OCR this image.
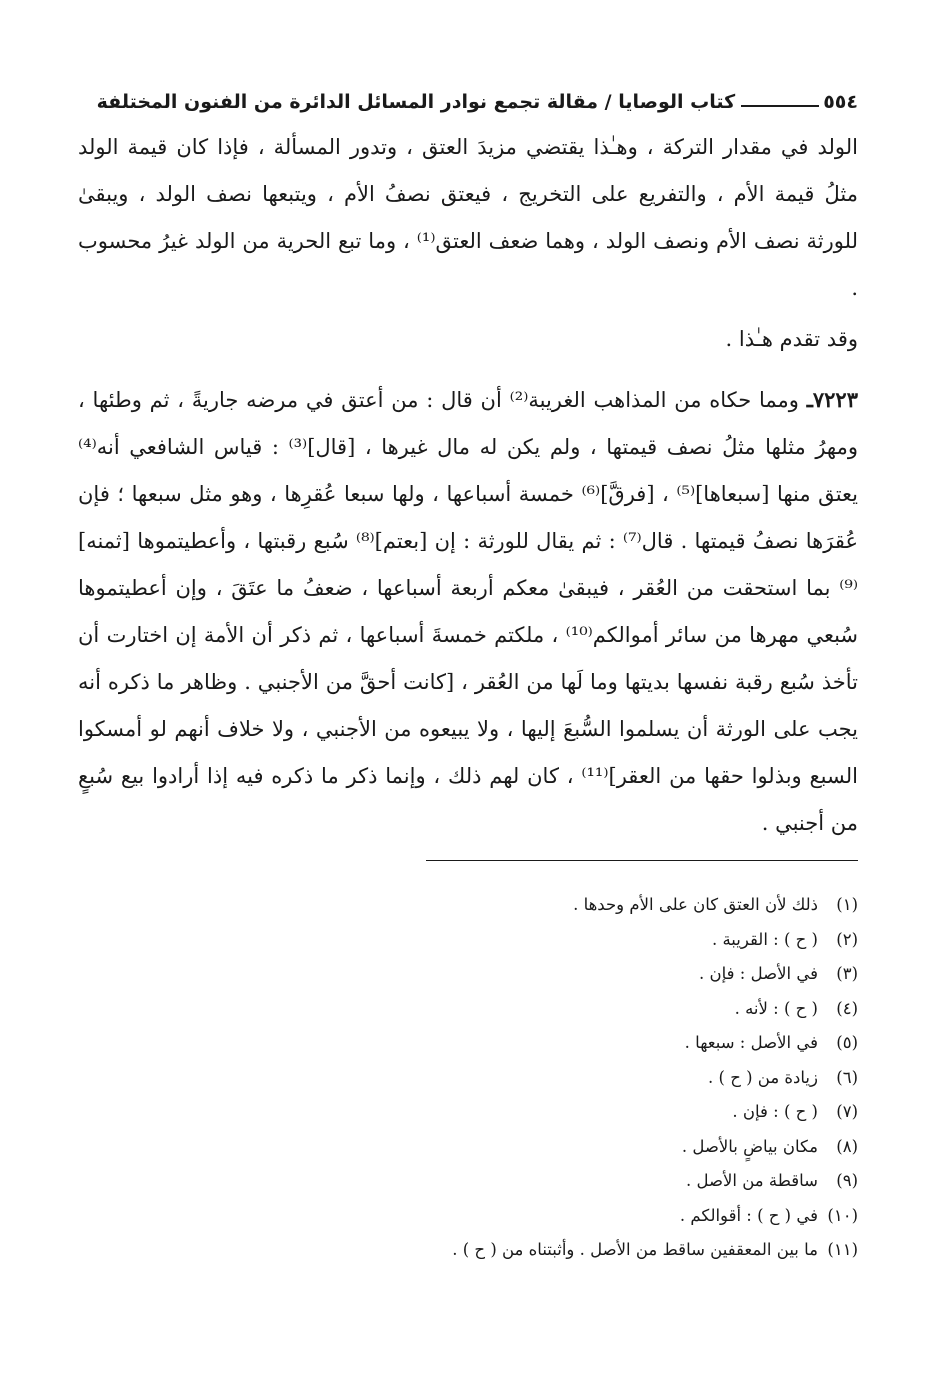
٥٥٤
كتاب الوصايا / مقالة تجمع نوادر المسائل الدائرة من الفنون المختلفة

الولد في مقدار التركة ، وهـٰذا يقتضي مزيدَ العتق ، وتدور المسألة ، فإذا كان قيمة الولد مثلُ قيمة الأم ، والتفريع على التخريج ، فيعتق نصفُ الأم ، ويتبعها نصف الولد ، ويبقىٰ للورثة نصف الأم ونصف الولد ، وهما ضعف العتق⁽¹⁾ ، وما تبع الحرية من الولد غيرُ محسوب .

وقد تقدم هـٰذا .

٧٢٢٣ـ ومما حكاه من المذاهب الغريبة⁽²⁾ أن قال : من أعتق في مرضه جاريةً ، ثم وطئها ، ومهرُ مثلها مثلُ نصف قيمتها ، ولم يكن له مال غيرها ، [قال]⁽³⁾ : قياس الشافعي أنه⁽⁴⁾ يعتق منها [سبعاها]⁽⁵⁾ ، [فرقَّ]⁽⁶⁾ خمسة أسباعها ، ولها سبعا عُقرِها ، وهو مثل سبعها ؛ فإن عُقرَها نصفُ قيمتها . قال⁽⁷⁾ : ثم يقال للورثة : إن [بعتم]⁽⁸⁾ سُبع رقبتها ، وأعطيتموها [ثمنه]⁽⁹⁾ بما استحقت من العُقر ، فيبقىٰ معكم أربعة أسباعها ، ضعفُ ما عتَقَ ، وإن أعطيتموها سُبعي مهرها من سائر أموالكم⁽¹⁰⁾ ، ملكتم خمسةَ أسباعها ، ثم ذكر أن الأمة إن اختارت أن تأخذ سُبع رقبة نفسها بديتها وما لَها من العُقر ، [كانت أحقَّ من الأجنبي . وظاهر ما ذكره أنه يجب على الورثة أن يسلموا السُّبعَ إليها ، ولا يبيعوه من الأجنبي ، ولا خلاف أنهم لو أمسكوا السبع وبذلوا حقها من العقر]⁽¹¹⁾ ، كان لهم ذلك ، وإنما ذكر ما ذكره فيه إذا أرادوا بيع سُبعٍ من أجنبي .

(١)
ذلك لأن العتق كان على الأم وحدها .
(٢)
( ح ) : القريبة .
(٣)
في الأصل : فإن .
(٤)
( ح ) : لأنه .
(٥)
في الأصل : سبعها .
(٦)
زيادة من ( ح ) .
(٧)
( ح ) : فإن .
(٨)
مكان بياضٍ بالأصل .
(٩)
ساقطة من الأصل .
(١٠)
في ( ح ) : أقوالكم .
(١١)
ما بين المعقفين ساقط من الأصل . وأثبتناه من ( ح ) .
